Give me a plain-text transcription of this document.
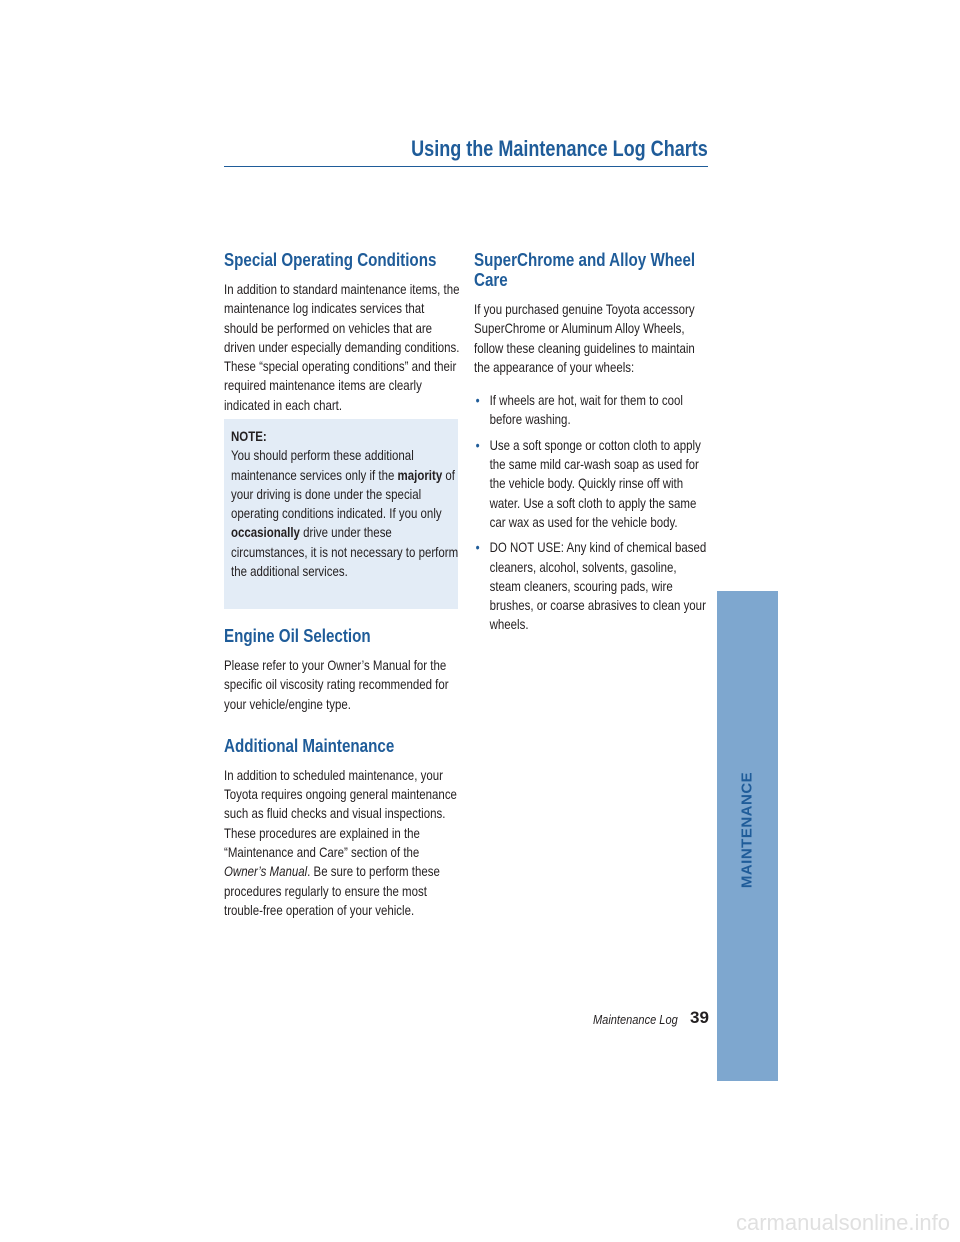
Using the Maintenance Log Charts
Special Operating Conditions

In addition to standard maintenance items, the maintenance log indicates services that should be performed on vehicles that are driven under especially demanding conditions. These “special operating conditions” and their required maintenance items are clearly indicated in each chart.

NOTE:

You should perform these additional maintenance services only if the majority of your driving is done under the special operating conditions indicated. If you only occasionally drive under these circumstances, it is not necessary to perform the additional services.

Engine Oil Selection

Please refer to your Owner’s Manual for the specific oil viscosity rating recommended for your vehicle/engine type.

Additional Maintenance

In addition to scheduled maintenance, your Toyota requires ongoing general maintenance such as fluid checks and visual inspections. These procedures are explained in the “Maintenance and Care” section of the Owner’s Manual. Be sure to perform these procedures regularly to ensure the most trouble-free operation of your vehicle.

SuperChrome and Alloy Wheel Care

If you purchased genuine Toyota accessory SuperChrome or Aluminum Alloy Wheels, follow these cleaning guidelines to maintain the appearance of your wheels:

• If wheels are hot, wait for them to cool before washing.
• Use a soft sponge or cotton cloth to apply the same mild car-wash soap as used for the vehicle body. Quickly rinse off with water. Use a soft cloth to apply the same car wax as used for the vehicle body.
• DO NOT USE: Any kind of chemical based cleaners, alcohol, solvents, gasoline, steam cleaners, scouring pads, wire brushes, or coarse abrasives to clean your wheels.
MAINTENANCE
Maintenance Log 39
carmanualsonline.info
